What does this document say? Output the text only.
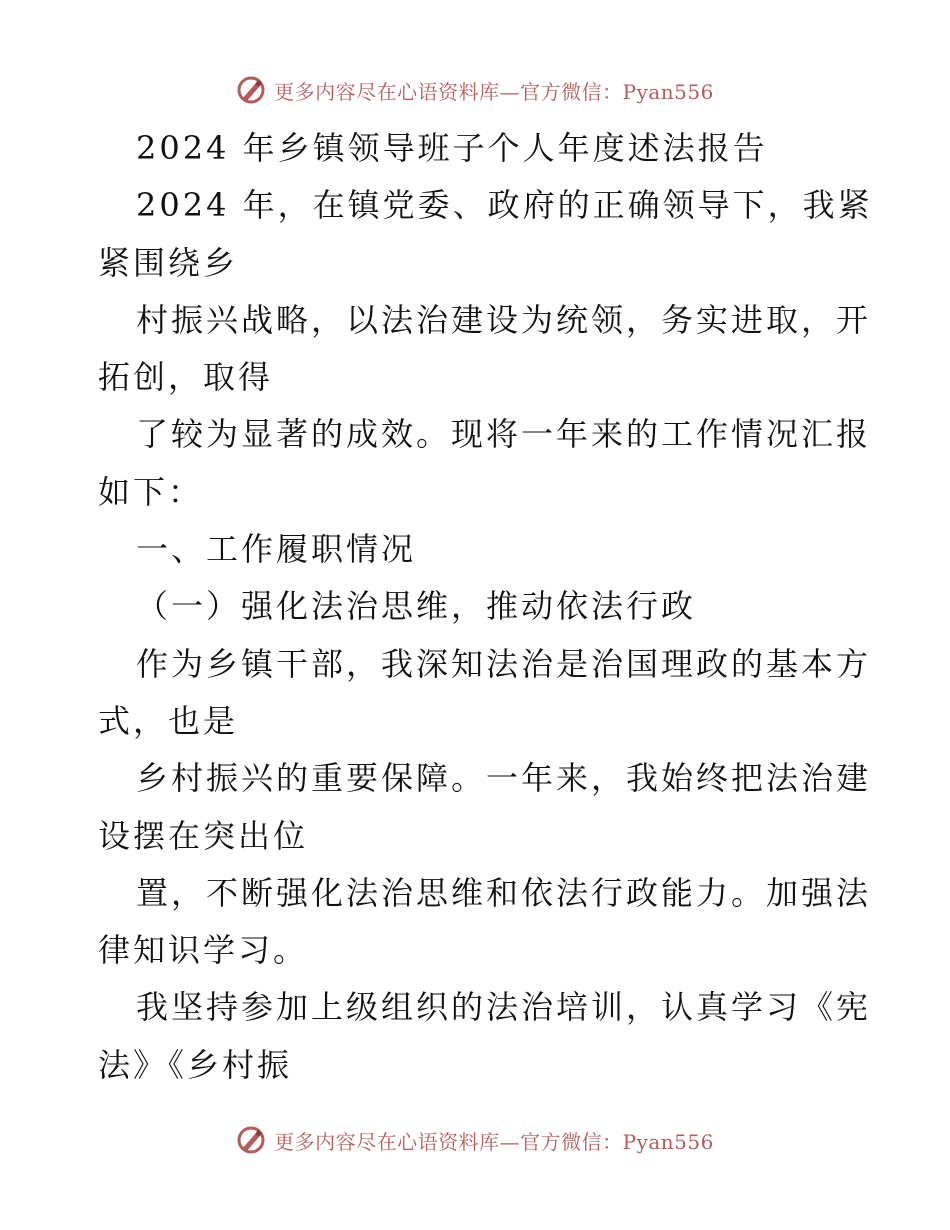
更多内容尽在心语资料库—官方微信：Pyan556
2024 年乡镇领导班子个人年度述法报告
2024 年，在镇党委、政府的正确领导下，我紧
紧围绕乡
村振兴战略，以法治建设为统领，务实进取，开
拓创，取得
了较为显著的成效。现将一年来的工作情况汇报
如下：
一、工作履职情况
（一）强化法治思维，推动依法行政
作为乡镇干部，我深知法治是治国理政的基本方
式，也是
乡村振兴的重要保障。一年来，我始终把法治建
设摆在突出位
置，不断强化法治思维和依法行政能力。加强法
律知识学习。
我坚持参加上级组织的法治培训，认真学习《宪
法》《乡村振
更多内容尽在心语资料库—官方微信：Pyan556
